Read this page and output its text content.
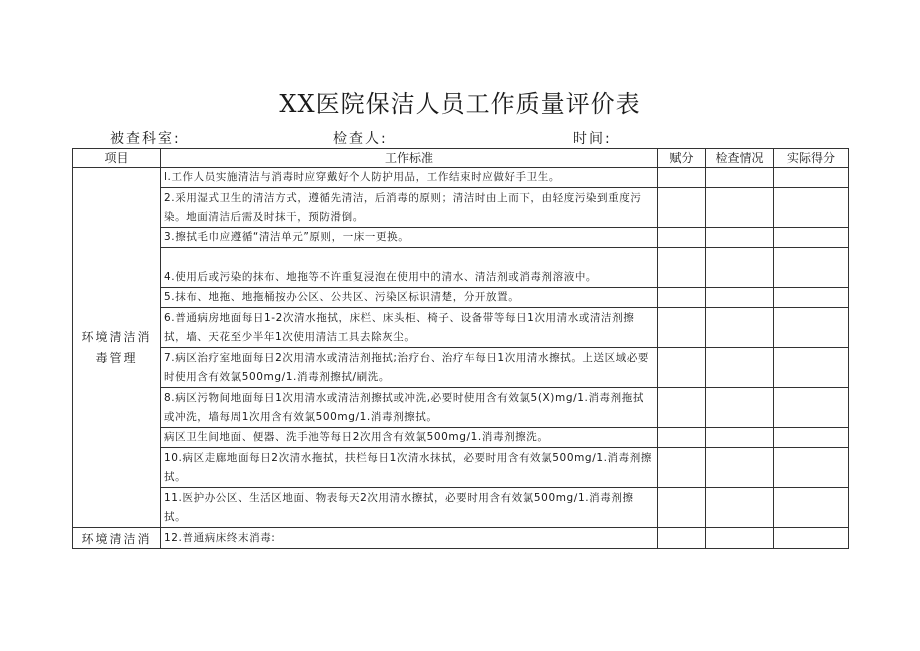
XX医院保洁人员工作质量评价表
被查科室:	检查人:	时间:
项目	工作标准	赋分	检查情况	实际得分
环境清洁消毒管理	l.工作人员实施清洁与消毒时应穿戴好个人防护用品，工作结束时应做好手卫生。			
	2.采用湿式卫生的清洁方式，遵循先清洁，后消毒的原则；清洁时由上而下，由轻度污染到重度污染。地面清洁后需及时抹干，预防滑倒。			
	3.擦拭毛巾应遵循“清洁单元”原则，一床一更换。			
	4.使用后或污染的抹布、地拖等不许重复浸泡在使用中的清水、清洁剂或消毒剂溶液中。			
	5.抹布、地拖、地拖桶按办公区、公共区、污染区标识清楚，分开放置。			
	6.普通病房地面每日1-2次清水拖拭，床栏、床头柜、椅子、设备带等每日1次用清水或清洁剂擦拭，墙、天花至少半年1次使用清洁工具去除灰尘。			
	7.病区治疗室地面每日2次用清水或清洁剂拖拭;治疗台、治疗车每日1次用清水擦拭。上送区域必要时使用含有效氯500mg∕1.消毒剂擦拭/刷洗。			
	8.病区污物间地面每日1次用清水或清洁剂擦拭或冲洗,必要时使用含有效氯5(X)mg∕1.消毒剂拖拭或冲洗，墙每周1次用含有效氯500mg∕1.消毒剂擦拭。			
	病区卫生间地面、便器、洗手池等每日2次用含有效氯500mg∕1.消毒剂擦洗。			
	10.病区走廊地面每日2次清水拖拭，扶栏每日1次清水抹拭，必要时用含有效氯500mg∕1.消毒剂擦拭。			
	11.医护办公区、生活区地面、物表每天2次用清水擦拭，必要时用含有效氯500mg∕1.消毒剂擦拭。			
环境清洁消	12.普通病床终末消毒:			
